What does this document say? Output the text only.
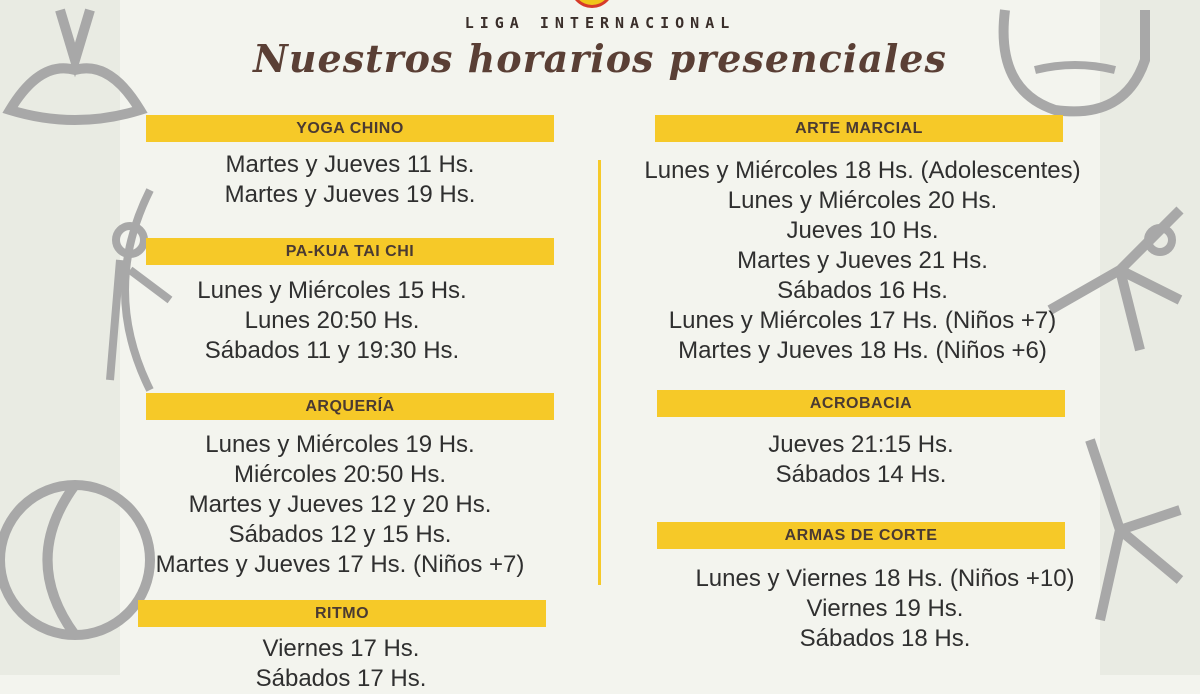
LIGA INTERNACIONAL
Nuestros horarios presenciales
YOGA CHINO
Martes y Jueves 11 Hs.
Martes y Jueves 19 Hs.
PA-KUA TAI CHI
Lunes y Miércoles 15 Hs.
Lunes 20:50 Hs.
Sábados 11 y 19:30 Hs.
ARQUERÍA
Lunes y Miércoles 19 Hs.
Miércoles 20:50 Hs.
Martes y Jueves 12 y 20 Hs.
Sábados 12 y 15 Hs.
Martes y Jueves 17 Hs. (Niños +7)
RITMO
Viernes 17 Hs.
Sábados 17 Hs.
ARTE MARCIAL
Lunes y Miércoles 18 Hs. (Adolescentes)
Lunes y Miércoles 20 Hs.
Jueves 10 Hs.
Martes y Jueves 21 Hs.
Sábados 16 Hs.
Lunes y Miércoles 17 Hs. (Niños +7)
Martes y Jueves 18 Hs. (Niños +6)
ACROBACIA
Jueves 21:15 Hs.
Sábados 14 Hs.
ARMAS DE CORTE
Lunes y Viernes 18 Hs. (Niños +10)
Viernes 19 Hs.
Sábados 18 Hs.
